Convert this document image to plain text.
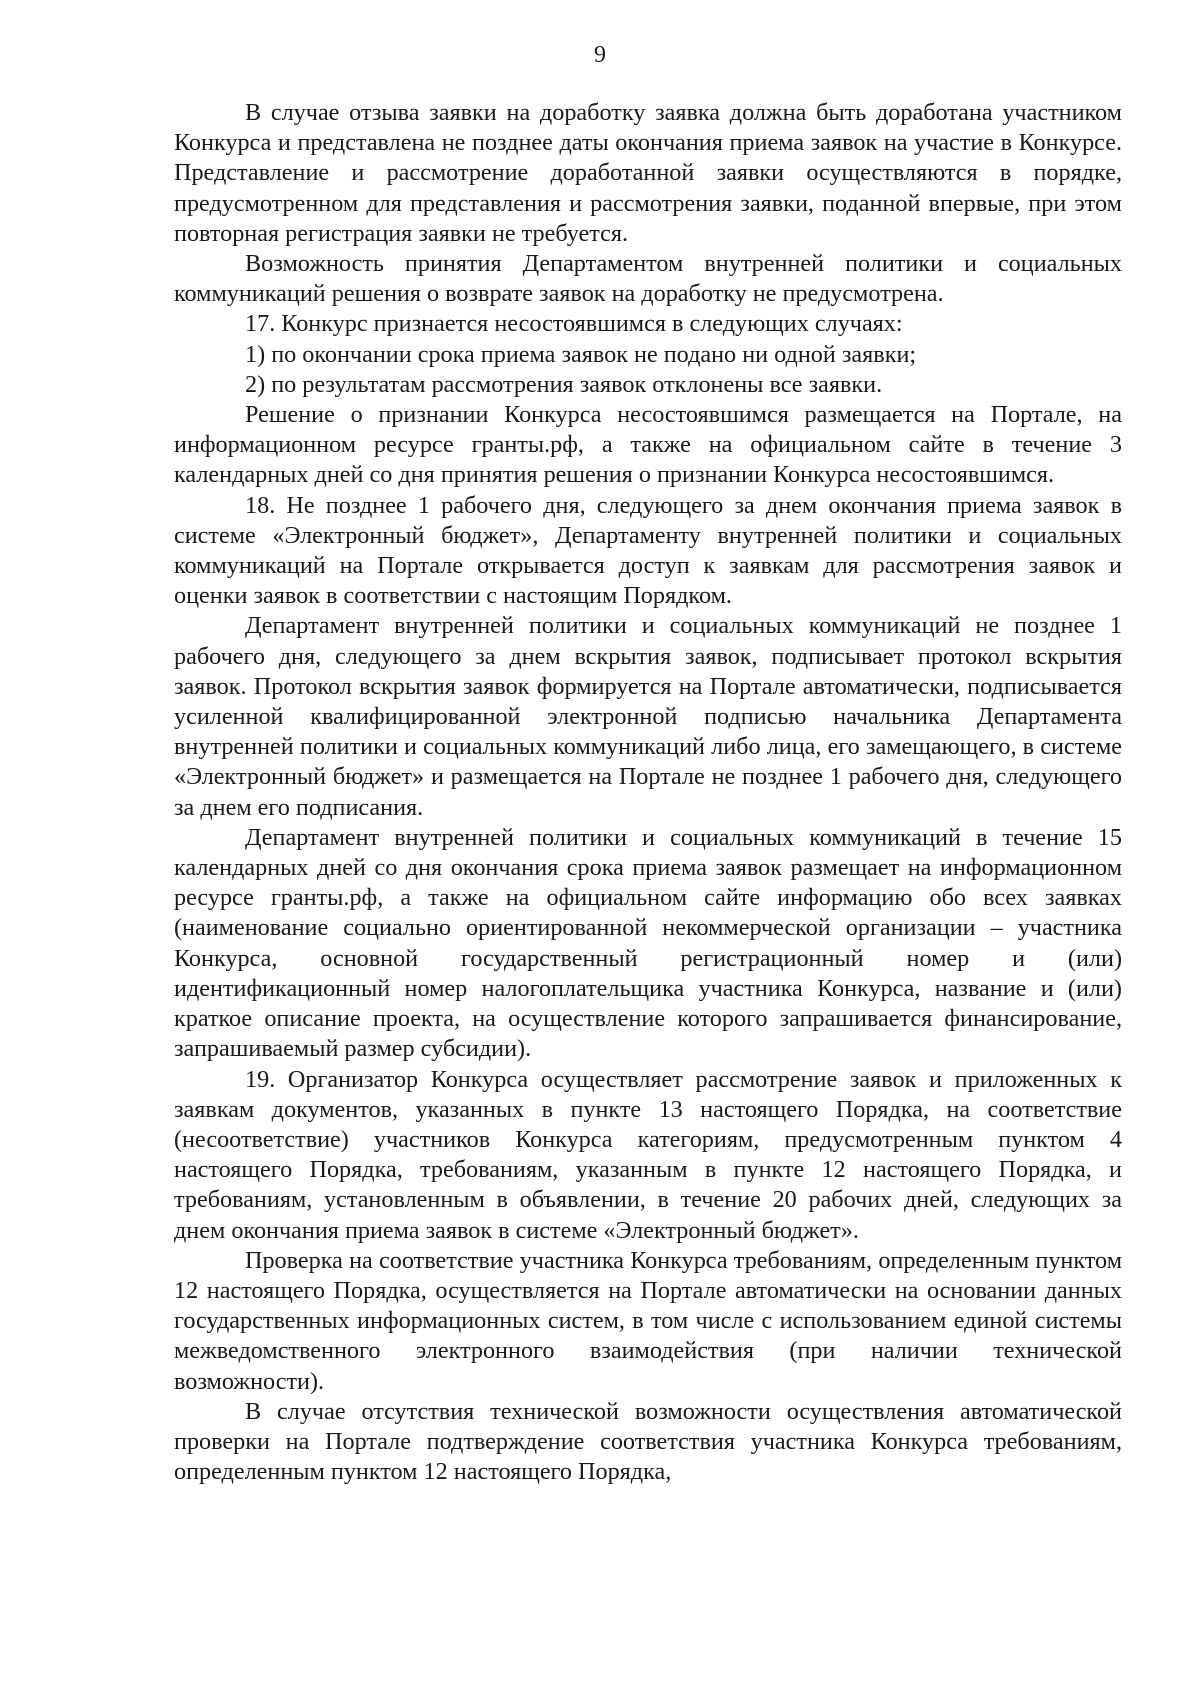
9

В случае отзыва заявки на доработку заявка должна быть доработана участником Конкурса и представлена не позднее даты окончания приема заявок на участие в Конкурсе. Представление и рассмотрение доработанной заявки осуществляются в порядке, предусмотренном для представления и рассмотрения заявки, поданной впервые, при этом повторная регистрация заявки не требуется.

Возможность принятия Департаментом внутренней политики и социальных коммуникаций решения о возврате заявок на доработку не предусмотрена.

17. Конкурс признается несостоявшимся в следующих случаях:

1) по окончании срока приема заявок не подано ни одной заявки;

2) по результатам рассмотрения заявок отклонены все заявки.

Решение о признании Конкурса несостоявшимся размещается на Портале, на информационном ресурсе гранты.рф, а также на официальном сайте в течение 3 календарных дней со дня принятия решения о признании Конкурса несостоявшимся.

18. Не позднее 1 рабочего дня, следующего за днем окончания приема заявок в системе «Электронный бюджет», Департаменту внутренней политики и социальных коммуникаций на Портале открывается доступ к заявкам для рассмотрения заявок и оценки заявок в соответствии с настоящим Порядком.

Департамент внутренней политики и социальных коммуникаций не позднее 1 рабочего дня, следующего за днем вскрытия заявок, подписывает протокол вскрытия заявок. Протокол вскрытия заявок формируется на Портале автоматически, подписывается усиленной квалифицированной электронной подписью начальника Департамента внутренней политики и социальных коммуникаций либо лица, его замещающего, в системе «Электронный бюджет» и размещается на Портале не позднее 1 рабочего дня, следующего за днем его подписания.

Департамент внутренней политики и социальных коммуникаций в течение 15 календарных дней со дня окончания срока приема заявок размещает на информационном ресурсе гранты.рф, а также на официальном сайте информацию обо всех заявках (наименование социально ориентированной некоммерческой организации – участника Конкурса, основной государственный регистрационный номер и (или) идентификационный номер налогоплательщика участника Конкурса, название и (или) краткое описание проекта, на осуществление которого запрашивается финансирование, запрашиваемый размер субсидии).

19. Организатор Конкурса осуществляет рассмотрение заявок и приложенных к заявкам документов, указанных в пункте 13 настоящего Порядка, на соответствие (несоответствие) участников Конкурса категориям, предусмотренным пунктом 4 настоящего Порядка, требованиям, указанным в пункте 12 настоящего Порядка, и требованиям, установленным в объявлении, в течение 20 рабочих дней, следующих за днем окончания приема заявок в системе «Электронный бюджет».

Проверка на соответствие участника Конкурса требованиям, определенным пунктом 12 настоящего Порядка, осуществляется на Портале автоматически на основании данных государственных информационных систем, в том числе с использованием единой системы межведомственного электронного взаимодействия (при наличии технической возможности).

В случае отсутствия технической возможности осуществления автоматической проверки на Портале подтверждение соответствия участника Конкурса требованиям, определенным пунктом 12 настоящего Порядка,
